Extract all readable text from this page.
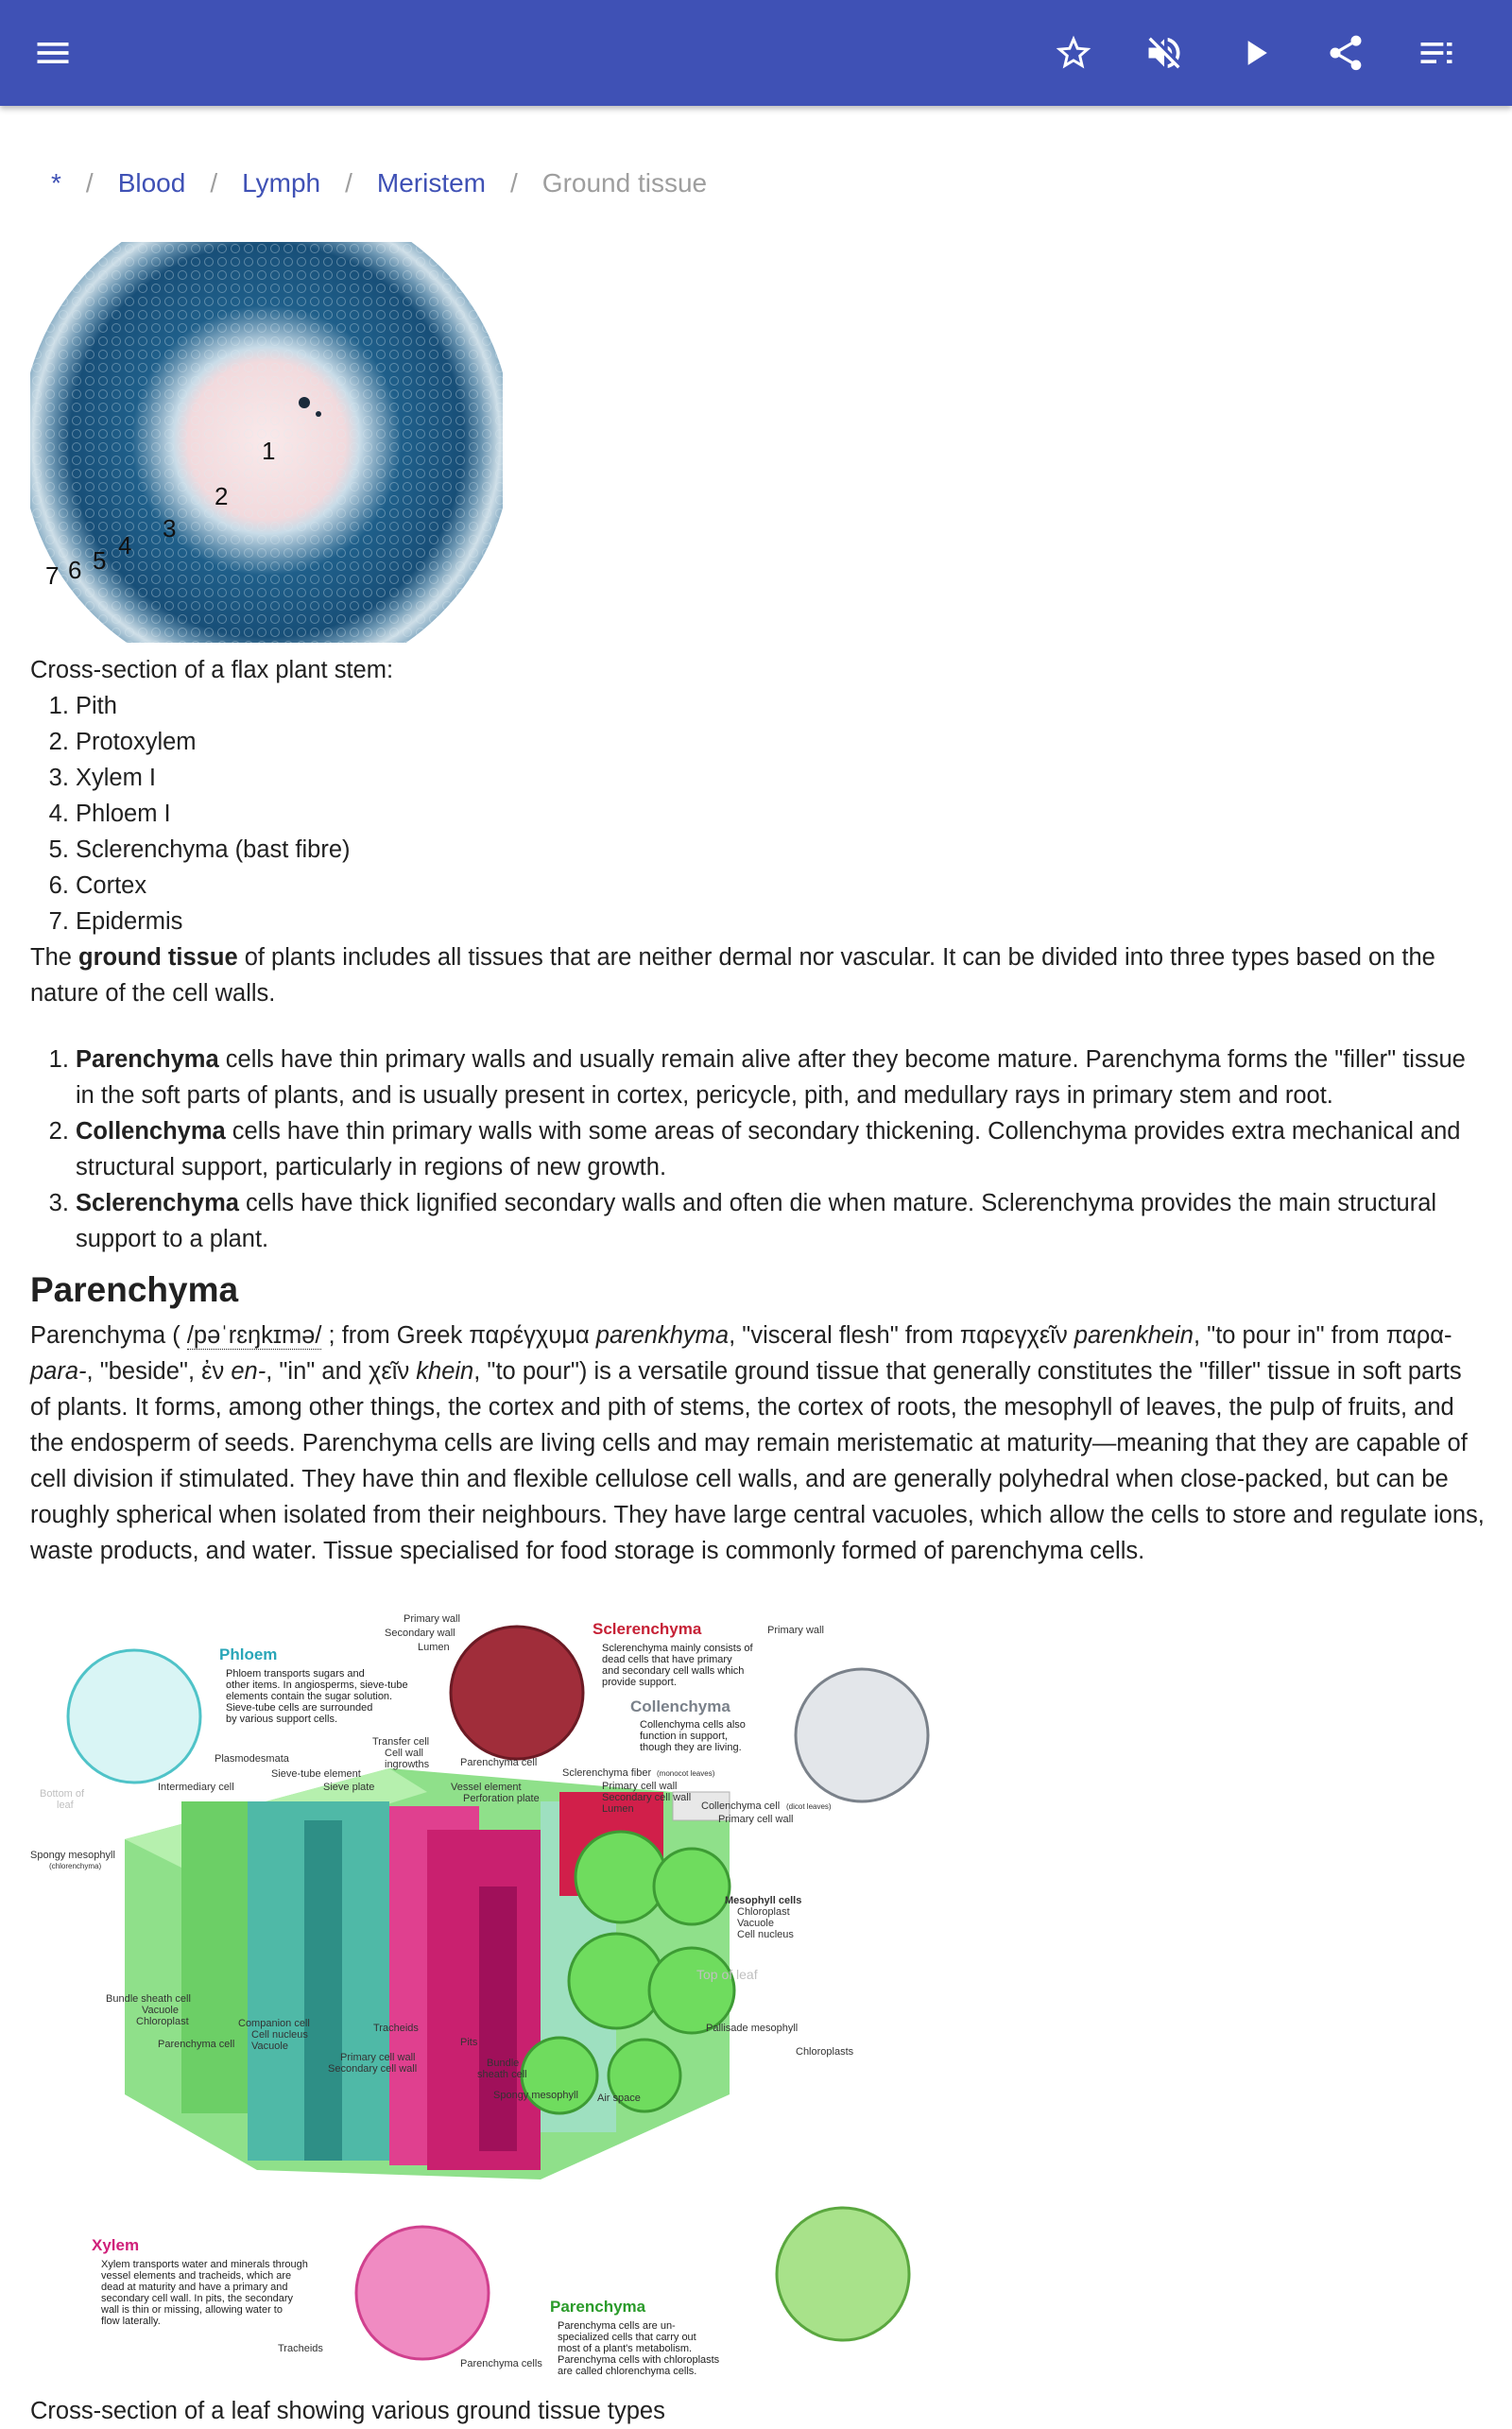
* / Blood / Lymph / Meristem / Ground tissue
1
2
3
4
5
6
7

Cross-section of a flax plant stem:

1. Pith
2. Protoxylem
3. Xylem I
4. Phloem I
5. Sclerenchyma (bast fibre)
6. Cortex
7. Epidermis

The ground tissue of plants includes all tissues that are neither dermal nor vascular. It can be divided into three types based on the nature of the cell walls.

1. Parenchyma cells have thin primary walls and usually remain alive after they become mature. Parenchyma forms the "filler" tissue in the soft parts of plants, and is usually present in cortex, pericycle, pith, and medullary rays in primary stem and root.
2. Collenchyma cells have thin primary walls with some areas of secondary thickening. Collenchyma provides extra mechanical and structural support, particularly in regions of new growth.
3. Sclerenchyma cells have thick lignified secondary walls and often die when mature. Sclerenchyma provides the main structural support to a plant.
Parenchyma

Parenchyma ( /pəˈrɛŋkɪmə/ ; from Greek παρέγχυμα parenkhyma, "visceral flesh" from παρεγχεῖν parenkhein, "to pour in" from παρα- para-, "beside", ἐν en-, "in" and χεῖν khein, "to pour") is a versatile ground tissue that generally constitutes the "filler" tissue in soft parts of plants. It forms, among other things, the cortex and pith of stems, the cortex of roots, the mesophyll of leaves, the pulp of fruits, and the endosperm of seeds. Parenchyma cells are living cells and may remain meristematic at maturity—meaning that they are capable of cell division if stimulated. They have thin and flexible cellulose cell walls, and are generally polyhedral when close-packed, but can be roughly spherical when isolated from their neighbours. They have large central vacuoles, which allow the cells to store and regulate ions, waste products, and water. Tissue specialised for food storage is commonly formed of parenchyma cells.

Phloem
Sclerenchyma
Collenchyma
Xylem
Parenchyma
Phloem transports sugars and
other items. In angiosperms, sieve-tube
elements contain the sugar solution.
Sieve-tube cells are surrounded
by various support cells.
Sclerenchyma mainly consists of
dead cells that have primary
and secondary cell walls which
provide support.
Collenchyma cells also
function in support,
though they are living.
Xylem transports water and minerals through
vessel elements and tracheids, which are
dead at maturity and have a primary and
secondary cell wall. In pits, the secondary
wall is thin or missing, allowing water to
flow laterally.	Parenchyma cells are un-
specialized cells that carry out
most of a plant's metabolism.
Parenchyma cells with chloroplasts
are called chlorenchyma cells.
Primary wall
Secondary wall
Lumen
Primary wall
Transfer cell
Cell wall
ingrowths
Plasmodesmata
Sieve-tube element
Intermediary cell	Sieve plate
Parenchyma cell
Vessel element
Perforation plate
Sclerenchyma fiber (monocot leaves)
Primary cell wall
Secondary cell wall
Lumen	Collenchyma cell (dicot leaves)
Primary cell wall
Bottom of
leaf
Spongy mesophyll
(chlorenchyma)
Mesophyll cells
Chloroplast
Vacuole
Cell nucleus
Top of leaf
Bundle sheath cell
Vacuole
Chloroplast	Companion cell
Cell nucleus
Vacuole
Parenchyma cell
Tracheids
Pits
Pallisade mesophyll
Primary cell wall
Secondary cell wall	Bundle
sheath cell
Spongy mesophyll Air space
Chloroplasts
Tracheids
Parenchyma cells

Cross-section of a leaf showing various ground tissue types
